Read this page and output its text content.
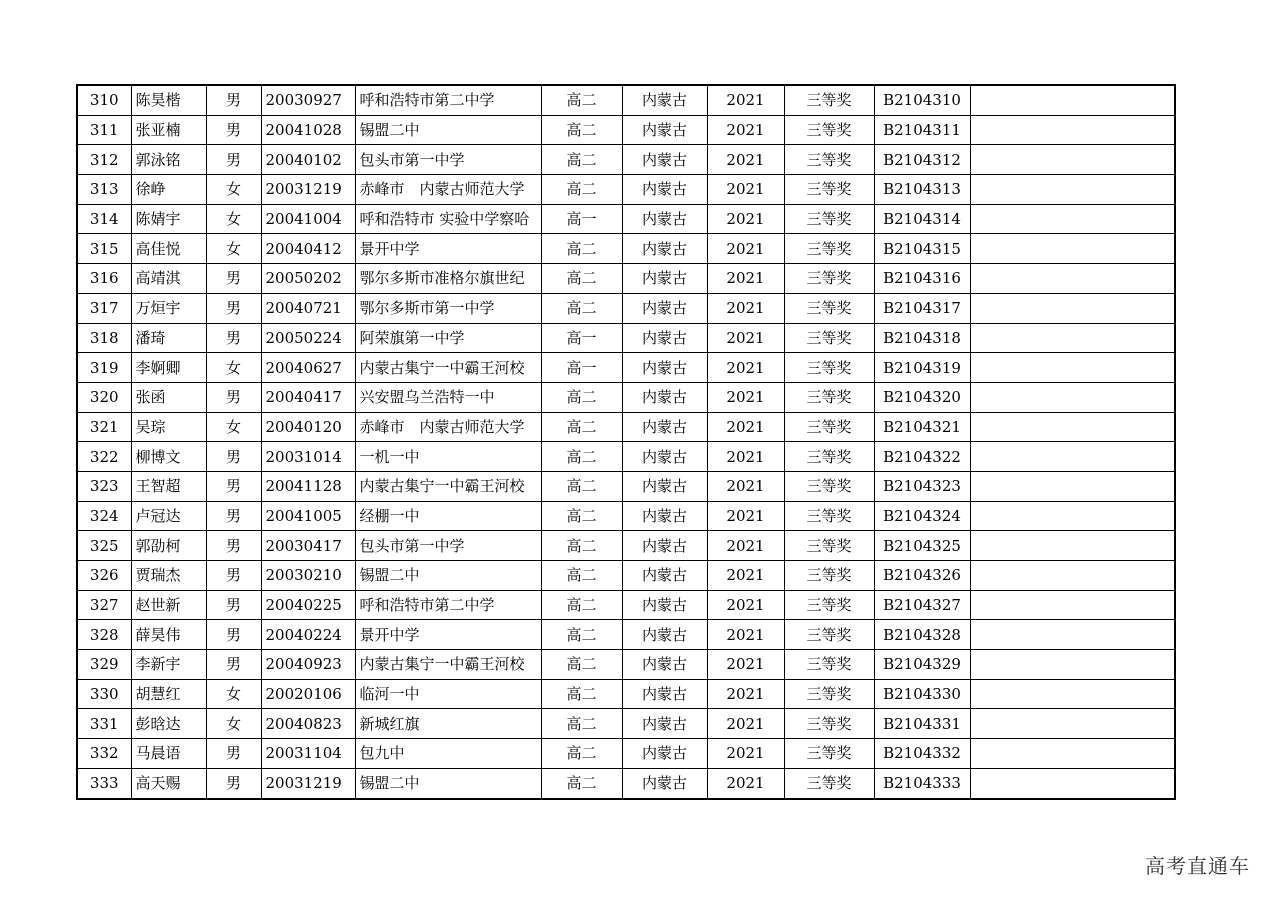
310	陈昊楷	男	20030927	呼和浩特市第二中学	高二	内蒙古	2021	三等奖	B2104310	
311	张亚楠	男	20041028	锡盟二中	高二	内蒙古	2021	三等奖	B2104311	
312	郭泳铭	男	20040102	包头市第一中学	高二	内蒙古	2021	三等奖	B2104312	
313	徐峥	女	20031219	赤峰市　内蒙古师范大学	高二	内蒙古	2021	三等奖	B2104313	
314	陈婧宇	女	20041004	呼和浩特市 实验中学察哈	高一	内蒙古	2021	三等奖	B2104314	
315	高佳悦	女	20040412	景开中学	高二	内蒙古	2021	三等奖	B2104315	
316	高靖淇	男	20050202	鄂尔多斯市准格尔旗世纪	高二	内蒙古	2021	三等奖	B2104316	
317	万烜宇	男	20040721	鄂尔多斯市第一中学	高二	内蒙古	2021	三等奖	B2104317	
318	潘琦	男	20050224	阿荣旗第一中学	高一	内蒙古	2021	三等奖	B2104318	
319	李婀卿	女	20040627	内蒙古集宁一中霸王河校	高一	内蒙古	2021	三等奖	B2104319	
320	张函	男	20040417	兴安盟乌兰浩特一中	高二	内蒙古	2021	三等奖	B2104320	
321	吴琮	女	20040120	赤峰市　内蒙古师范大学	高二	内蒙古	2021	三等奖	B2104321	
322	柳博文	男	20031014	一机一中	高二	内蒙古	2021	三等奖	B2104322	
323	王智超	男	20041128	内蒙古集宁一中霸王河校	高二	内蒙古	2021	三等奖	B2104323	
324	卢冠达	男	20041005	经棚一中	高二	内蒙古	2021	三等奖	B2104324	
325	郭劭柯	男	20030417	包头市第一中学	高二	内蒙古	2021	三等奖	B2104325	
326	贾瑞杰	男	20030210	锡盟二中	高二	内蒙古	2021	三等奖	B2104326	
327	赵世新	男	20040225	呼和浩特市第二中学	高二	内蒙古	2021	三等奖	B2104327	
328	薛昊伟	男	20040224	景开中学	高二	内蒙古	2021	三等奖	B2104328	
329	李新宇	男	20040923	内蒙古集宁一中霸王河校	高二	内蒙古	2021	三等奖	B2104329	
330	胡慧红	女	20020106	临河一中	高二	内蒙古	2021	三等奖	B2104330	
331	彭晗达	女	20040823	新城红旗	高二	内蒙古	2021	三等奖	B2104331	
332	马晨语	男	20031104	包九中	高二	内蒙古	2021	三等奖	B2104332	
333	高天赐	男	20031219	锡盟二中	高二	内蒙古	2021	三等奖	B2104333	
高考直通车
